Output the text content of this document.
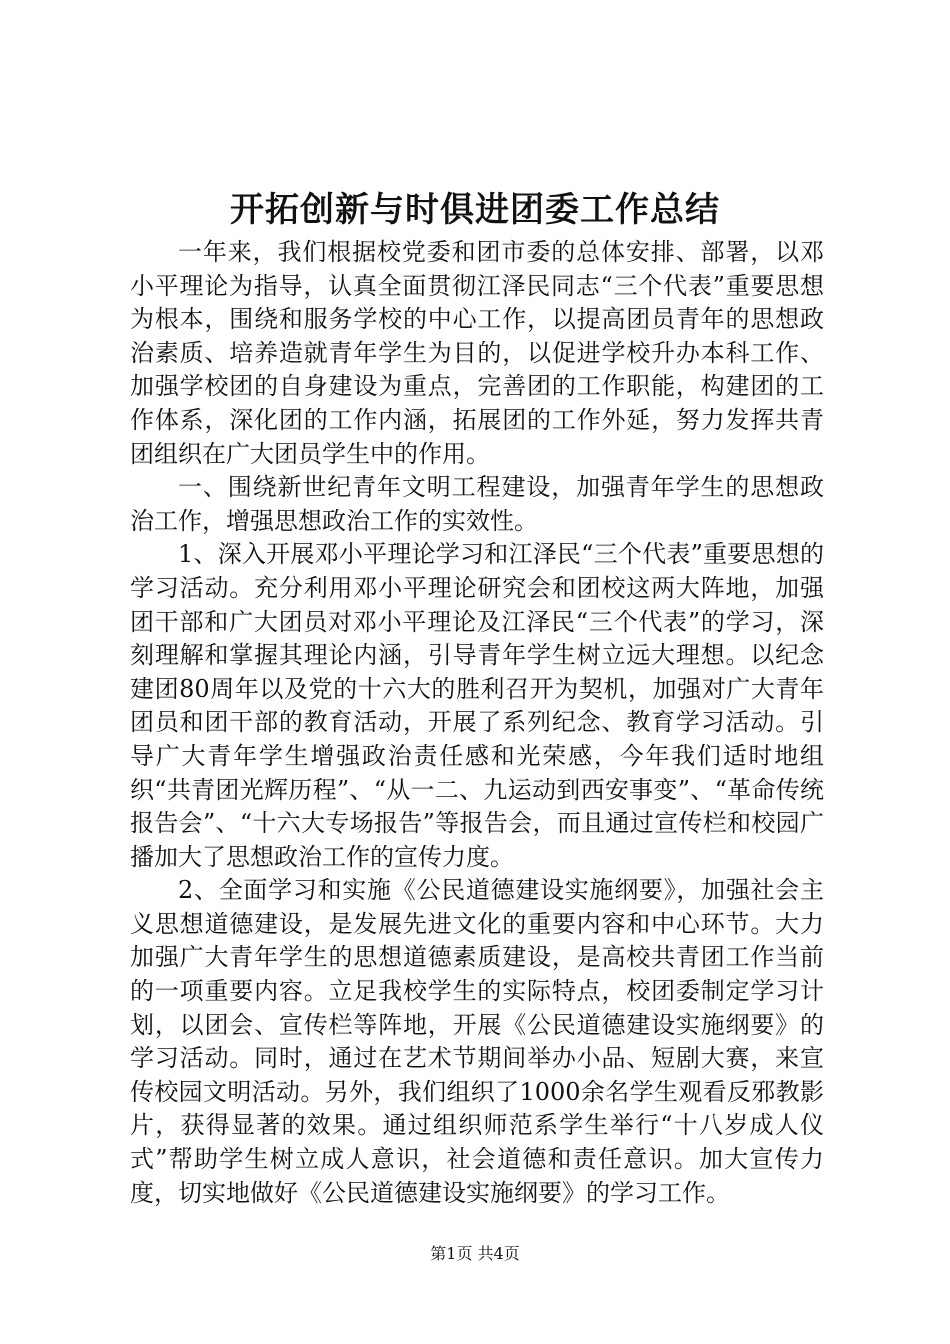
开拓创新与时俱进团委工作总结

一年来，我们根据校党委和团市委的总体安排、部署，以邓小平理论为指导，认真全面贯彻江泽民同志“三个代表”重要思想为根本，围绕和服务学校的中心工作，以提高团员青年的思想政治素质、培养造就青年学生为目的，以促进学校升办本科工作、加强学校团的自身建设为重点，完善团的工作职能，构建团的工作体系，深化团的工作内涵，拓展团的工作外延，努力发挥共青团组织在广大团员学生中的作用。

一、围绕新世纪青年文明工程建设，加强青年学生的思想政治工作，增强思想政治工作的实效性。

1、深入开展邓小平理论学习和江泽民“三个代表”重要思想的学习活动。充分利用邓小平理论研究会和团校这两大阵地，加强团干部和广大团员对邓小平理论及江泽民“三个代表”的学习，深刻理解和掌握其理论内涵，引导青年学生树立远大理想。以纪念建团80周年以及党的十六大的胜利召开为契机，加强对广大青年团员和团干部的教育活动，开展了系列纪念、教育学习活动。引导广大青年学生增强政治责任感和光荣感，今年我们适时地组织“共青团光辉历程”、“从一二、九运动到西安事变”、“革命传统报告会”、“十六大专场报告”等报告会，而且通过宣传栏和校园广播加大了思想政治工作的宣传力度。

2、全面学习和实施《公民道德建设实施纲要》，加强社会主义思想道德建设，是发展先进文化的重要内容和中心环节。大力加强广大青年学生的思想道德素质建设，是高校共青团工作当前的一项重要内容。立足我校学生的实际特点，校团委制定学习计划，以团会、宣传栏等阵地，开展《公民道德建设实施纲要》的学习活动。同时，通过在艺术节期间举办小品、短剧大赛，来宣传校园文明活动。另外，我们组织了1000余名学生观看反邪教影片，获得显著的效果。通过组织师范系学生举行“十八岁成人仪式”帮助学生树立成人意识，社会道德和责任意识。加大宣传力度，切实地做好《公民道德建设实施纲要》的学习工作。

第1页 共4页
